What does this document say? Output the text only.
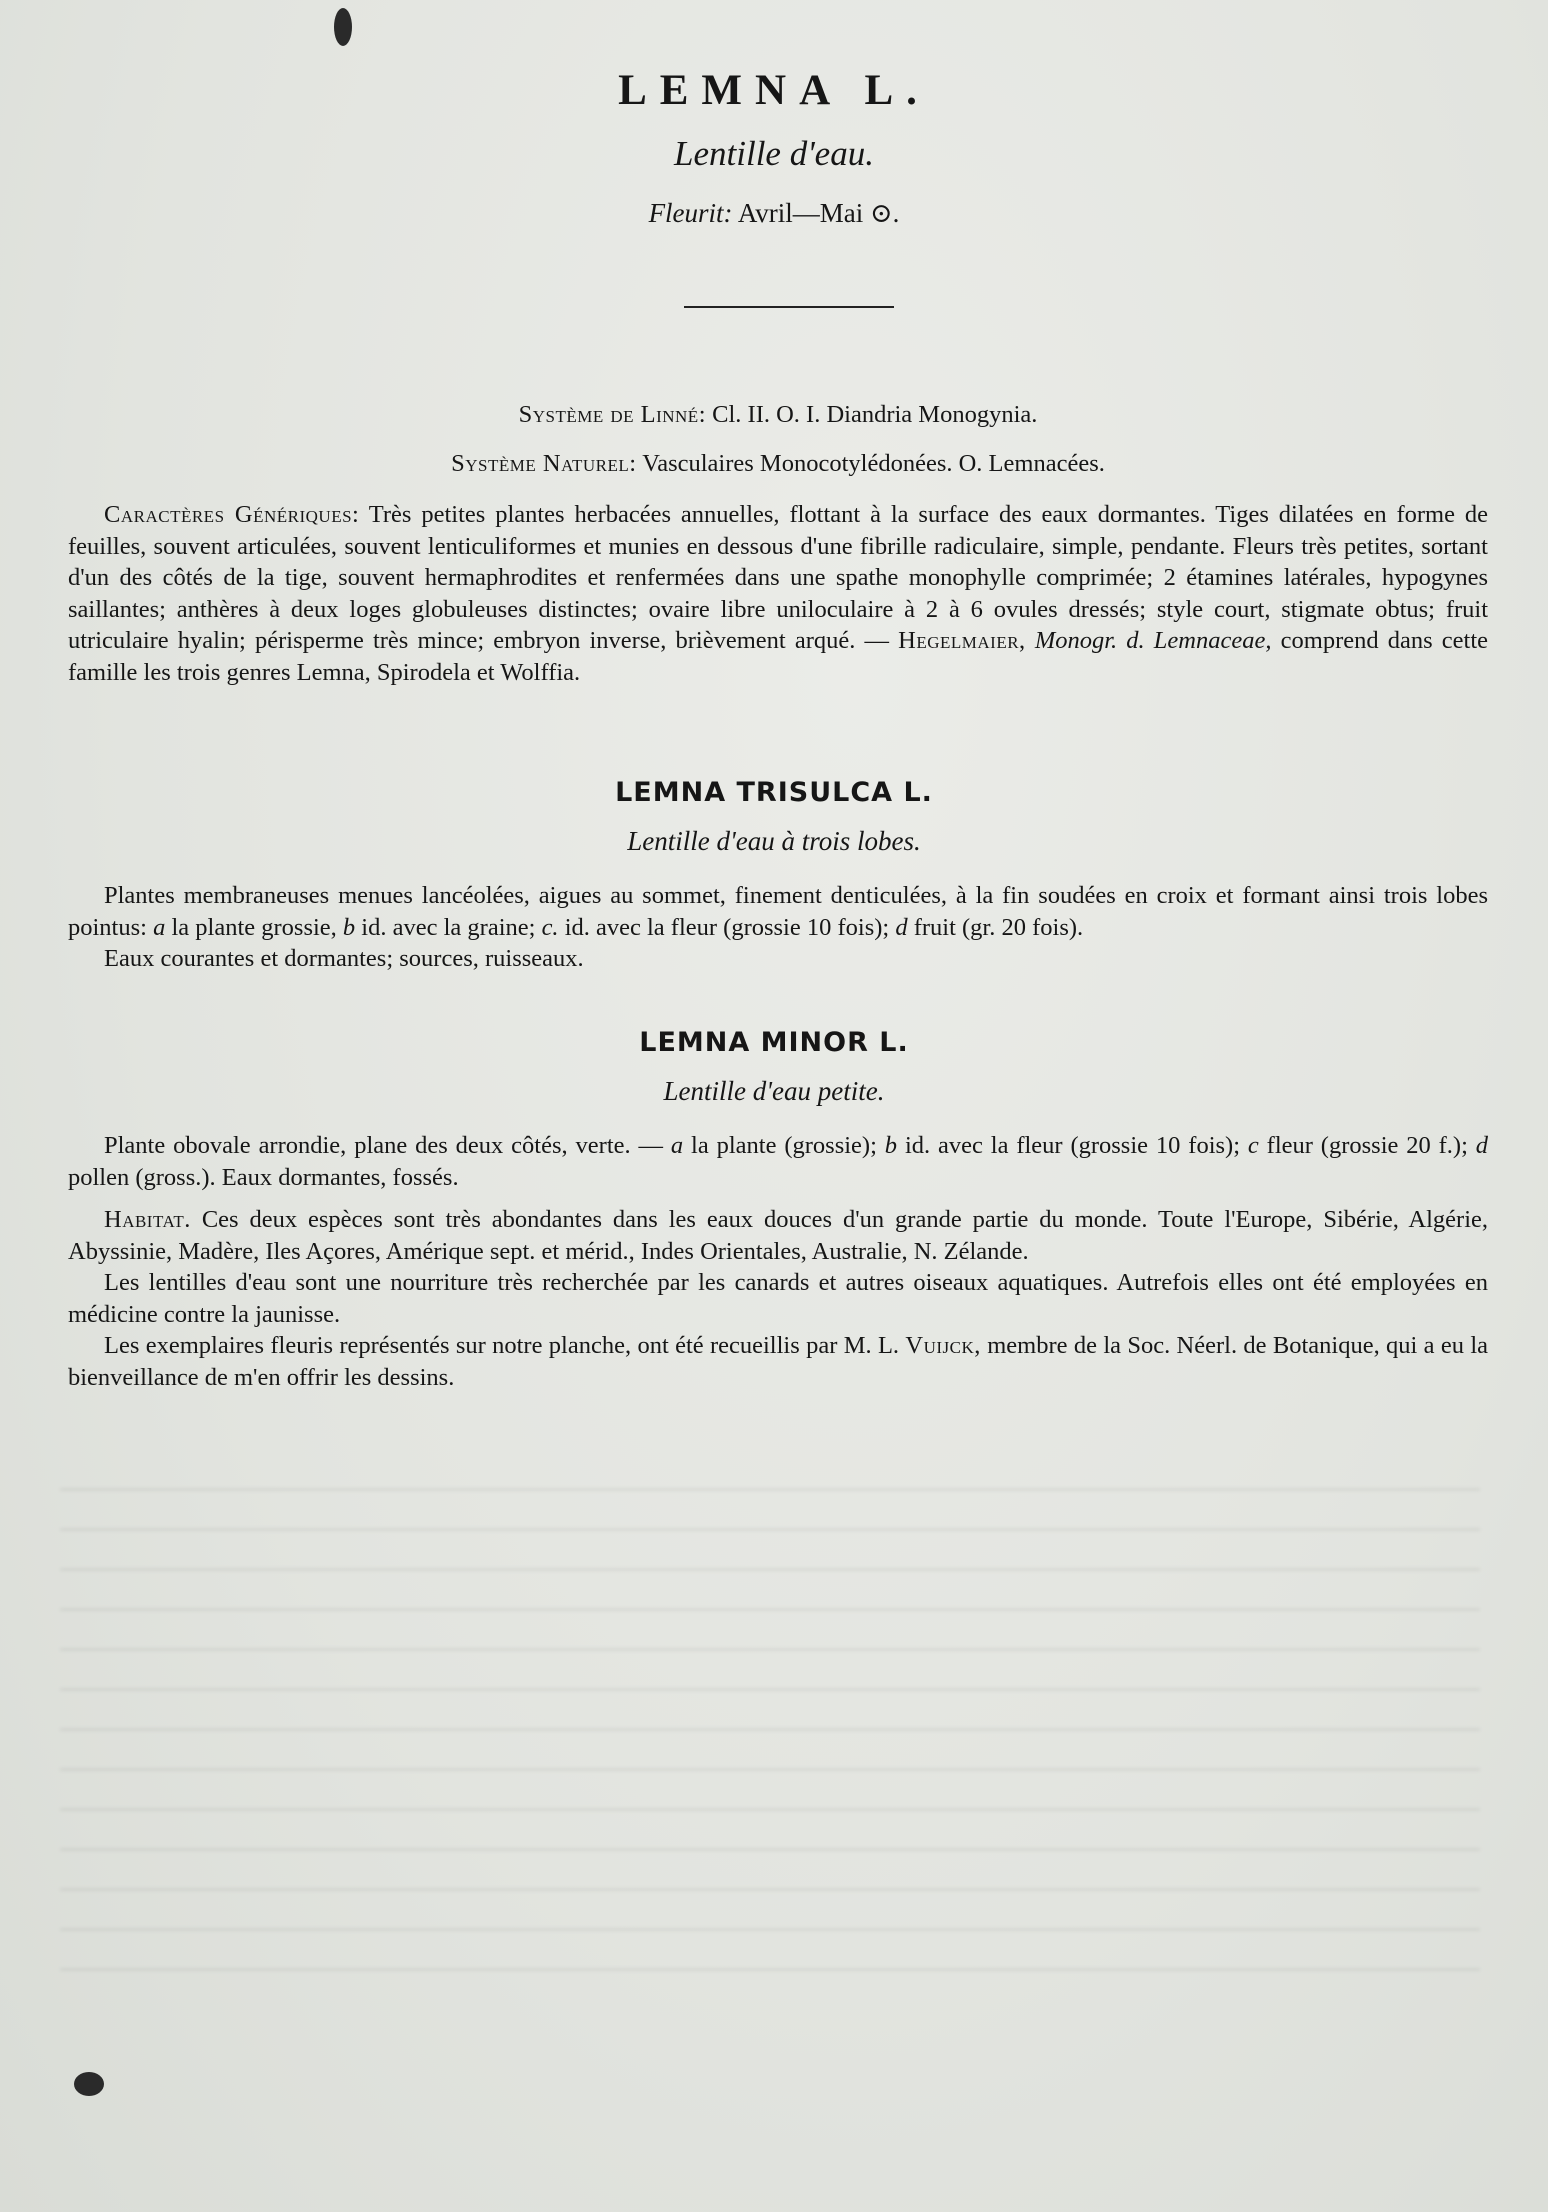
LEMNA L.
Lentille d'eau.
Fleurit: Avril—Mai ⊙.
Système de Linné: Cl. II. O. I. Diandria Monogynia.
Système Naturel: Vasculaires Monocotylédonées. O. Lemnacées.

Caractères Génériques: Très petites plantes herbacées annuelles, flottant à la surface des eaux dormantes. Tiges dilatées en forme de feuilles, souvent articulées, souvent lenticuliformes et munies en dessous d'une fibrille radiculaire, simple, pendante. Fleurs très petites, sortant d'un des côtés de la tige, souvent hermaphrodites et renfermées dans une spathe monophylle comprimée; 2 étamines latérales, hypogynes saillantes; anthères à deux loges globuleuses distinctes; ovaire libre uniloculaire à 2 à 6 ovules dressés; style court, stigmate obtus; fruit utriculaire hyalin; périsperme très mince; embryon inverse, brièvement arqué. — Hegelmaier, Monogr. d. Lemnaceae, comprend dans cette famille les trois genres Lemna, Spirodela et Wolffia.

LEMNA TRISULCA L.
Lentille d'eau à trois lobes.

Plantes membraneuses menues lancéolées, aigues au sommet, finement denticulées, à la fin soudées en croix et formant ainsi trois lobes pointus: a la plante grossie, b id. avec la graine; c. id. avec la fleur (grossie 10 fois); d fruit (gr. 20 fois).

Eaux courantes et dormantes; sources, ruisseaux.

LEMNA MINOR L.
Lentille d'eau petite.

Plante obovale arrondie, plane des deux côtés, verte. — a la plante (grossie); b id. avec la fleur (grossie 10 fois); c fleur (grossie 20 f.); d pollen (gross.). Eaux dormantes, fossés.

Habitat. Ces deux espèces sont très abondantes dans les eaux douces d'un grande partie du monde. Toute l'Europe, Sibérie, Algérie, Abyssinie, Madère, Iles Açores, Amérique sept. et mérid., Indes Orientales, Australie, N. Zélande.

Les lentilles d'eau sont une nourriture très recherchée par les canards et autres oiseaux aquatiques. Autrefois elles ont été employées en médicine contre la jaunisse.

Les exemplaires fleuris représentés sur notre planche, ont été recueillis par M. L. Vuijck, membre de la Soc. Néerl. de Botanique, qui a eu la bienveillance de m'en offrir les dessins.
